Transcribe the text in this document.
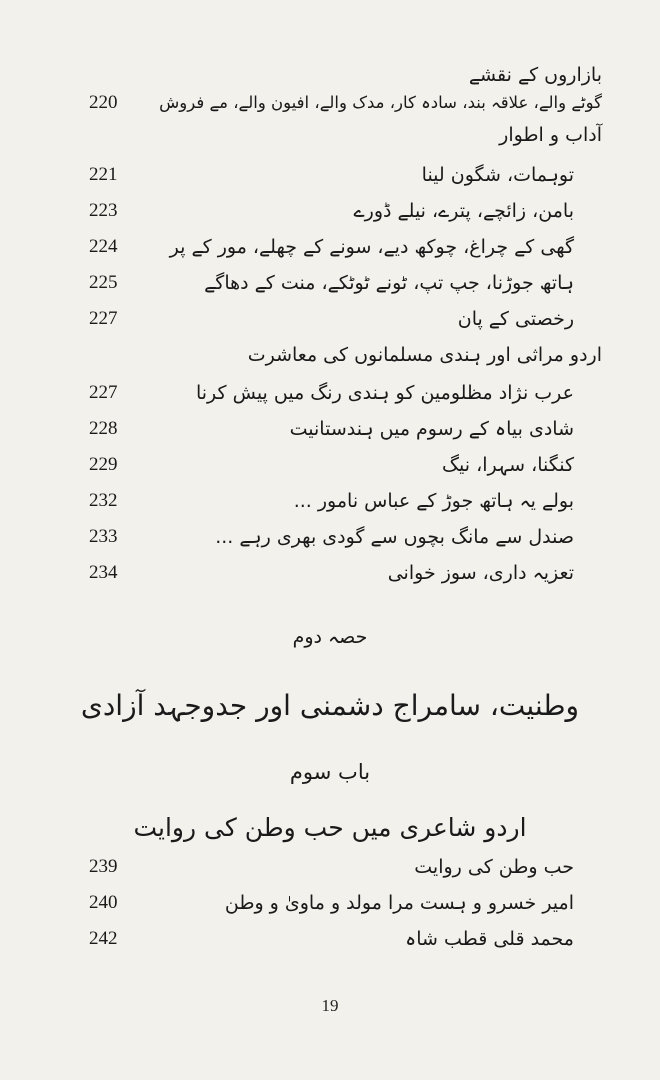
بازاروں کے نقشے
220	گوٹے والے، علاقہ بند، سادہ کار، مدک والے، افیون والے، مے فروش
آداب و اطوار
221	توہمات، شگون لینا
223	بامن، زائچے، پترے، نیلے ڈورے
224	گھی کے چراغ، چوکھ دیے، سونے کے چھلے، مور کے پر
225	ہاتھ جوڑنا، جپ تپ، ٹونے ٹوٹکے، منت کے دھاگے
227	رخصتی کے پان
اردو مراثی اور ہندی مسلمانوں کی معاشرت
227	عرب نژاد مظلومین کو ہندی رنگ میں پیش کرنا
228	شادی بیاہ کے رسوم میں ہندستانیت
229	کنگنا، سہرا، نیگ
232	بولے یہ ہاتھ جوڑ کے عباس نامور ...
233	صندل سے مانگ بچوں سے گودی بھری رہے ...
234	تعزیہ داری، سوز خوانی
حصہ دوم
وطنیت، سامراج دشمنی اور جدوجہد آزادی
باب سوم
اردو شاعری میں حب وطن کی روایت
239	حب وطن کی روایت
240	امیر خسرو و ہست مرا مولد و ماویٰ و وطن
242	محمد قلی قطب شاہ
19
